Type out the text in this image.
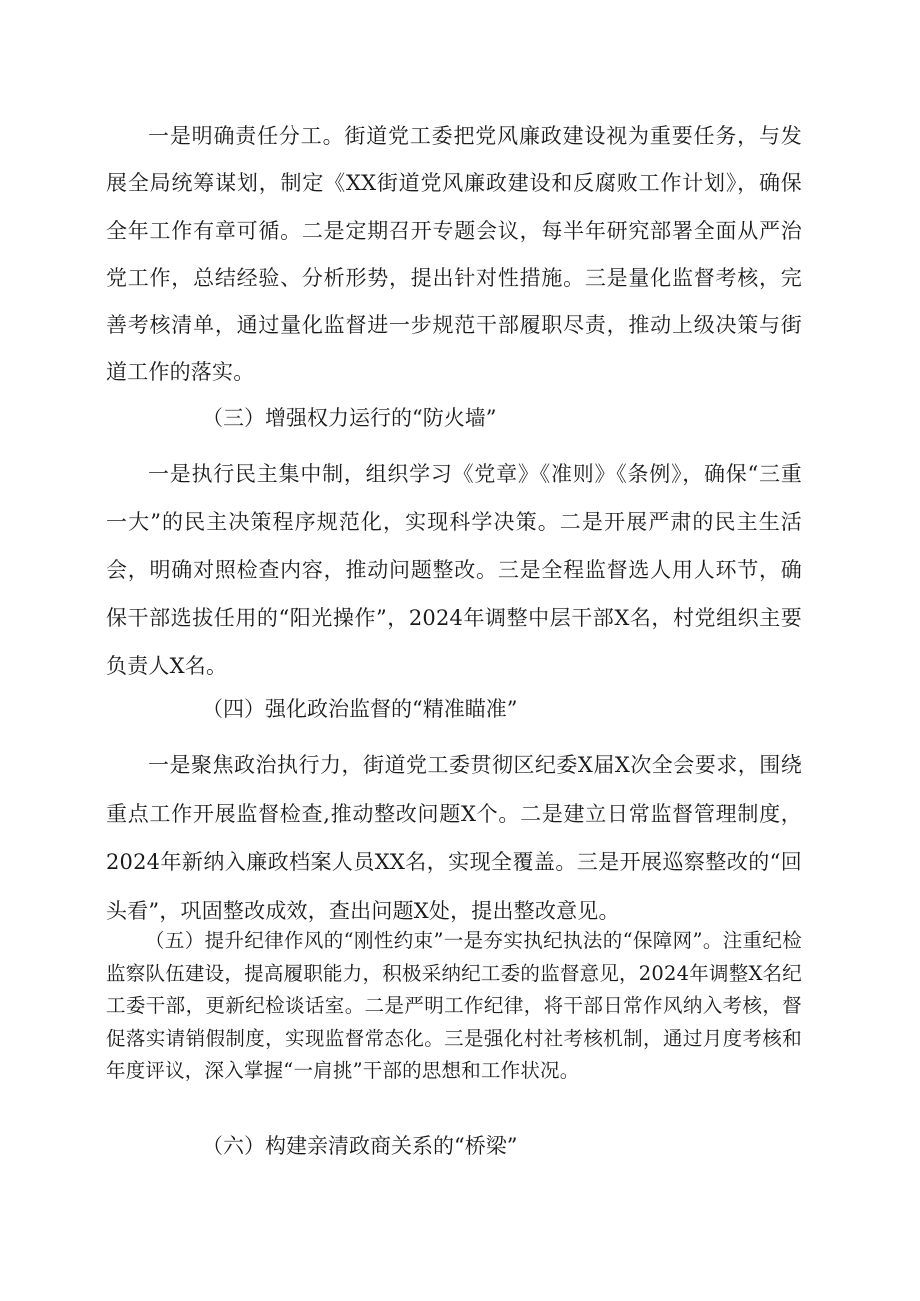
一是明确责任分工。街道党工委把党风廉政建设视为重要任务，与发展全局统筹谋划，制定《XX街道党风廉政建设和反腐败工作计划》，确保全年工作有章可循。二是定期召开专题会议，每半年研究部署全面从严治党工作，总结经验、分析形势，提出针对性措施。三是量化监督考核，完善考核清单，通过量化监督进一步规范干部履职尽责，推动上级决策与街道工作的落实。

（三）增强权力运行的“防火墙”

一是执行民主集中制，组织学习《党章》《准则》《条例》，确保“三重一大”的民主决策程序规范化，实现科学决策。二是开展严肃的民主生活会，明确对照检查内容，推动问题整改。三是全程监督选人用人环节，确保干部选拔任用的“阳光操作”，2024年调整中层干部X名，村党组织主要负责人X名。

（四）强化政治监督的“精准瞄准”

一是聚焦政治执行力，街道党工委贯彻区纪委X届X次全会要求，围绕重点工作开展监督检查,推动整改问题X个。二是建立日常监督管理制度，2024年新纳入廉政档案人员XX名，实现全覆盖。三是开展巡察整改的“回头看”，巩固整改成效，查出问题X处，提出整改意见。

（五）提升纪律作风的“刚性约束”一是夯实执纪执法的“保障网”。注重纪检监察队伍建设，提高履职能力，积极采纳纪工委的监督意见，2024年调整X名纪工委干部，更新纪检谈话室。二是严明工作纪律，将干部日常作风纳入考核，督促落实请销假制度，实现监督常态化。三是强化村社考核机制，通过月度考核和年度评议，深入掌握“一肩挑”干部的思想和工作状况。

（六）构建亲清政商关系的“桥梁”
